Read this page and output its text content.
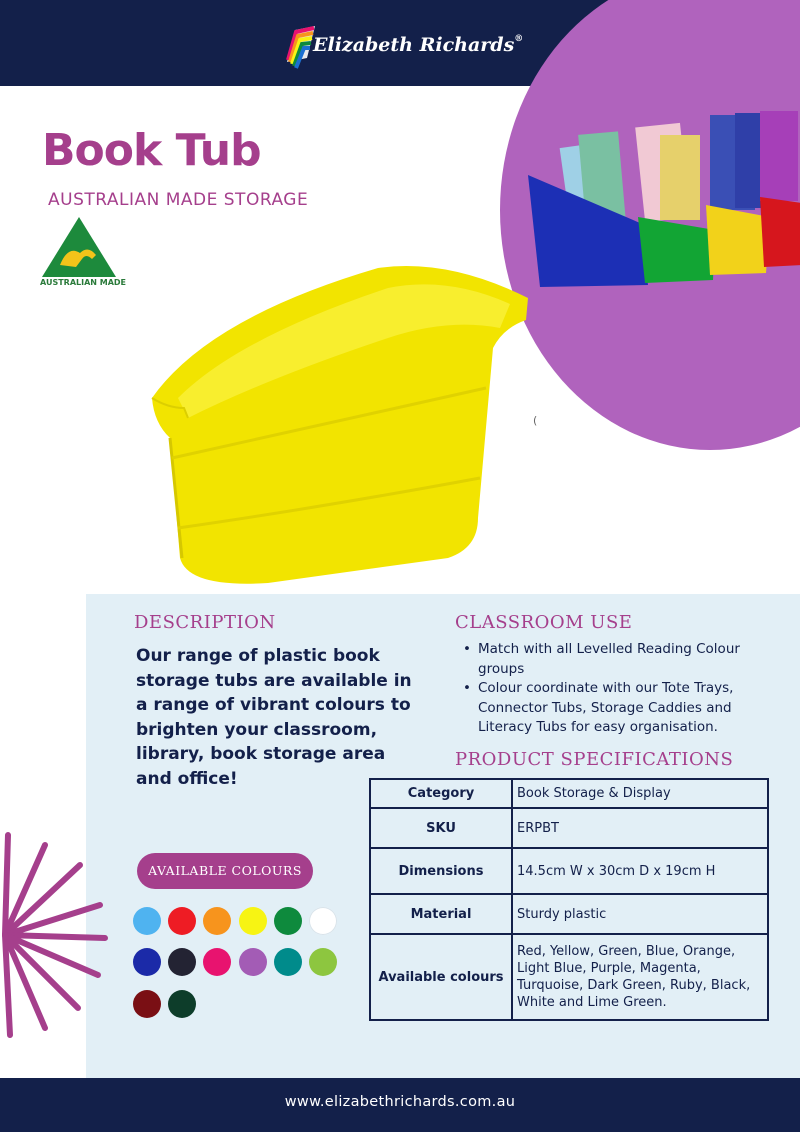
Elizabeth Richards®
(
Book Tub
AUSTRALIAN MADE STORAGE
AUSTRALIAN MADE
DESCRIPTION
Our range of plastic book storage tubs are available in a range of vibrant colours to brighten your classroom, library, book storage area and office!
CLASSROOM USE
• Match with all Levelled Reading Colour groups
• Colour coordinate with our Tote Trays, Connector Tubs, Storage Caddies and Literacy Tubs for easy organisation.
PRODUCT SPECIFICATIONS
Category	Book Storage & Display
SKU	ERPBT
Dimensions	14.5cm W x 30cm D x 19cm H
Material	Sturdy plastic
Available colours	Red, Yellow, Green, Blue, Orange, Light Blue, Purple, Magenta, Turquoise, Dark Green, Ruby, Black, White and Lime Green.
AVAILABLE COLOURS
www.elizabethrichards.com.au
